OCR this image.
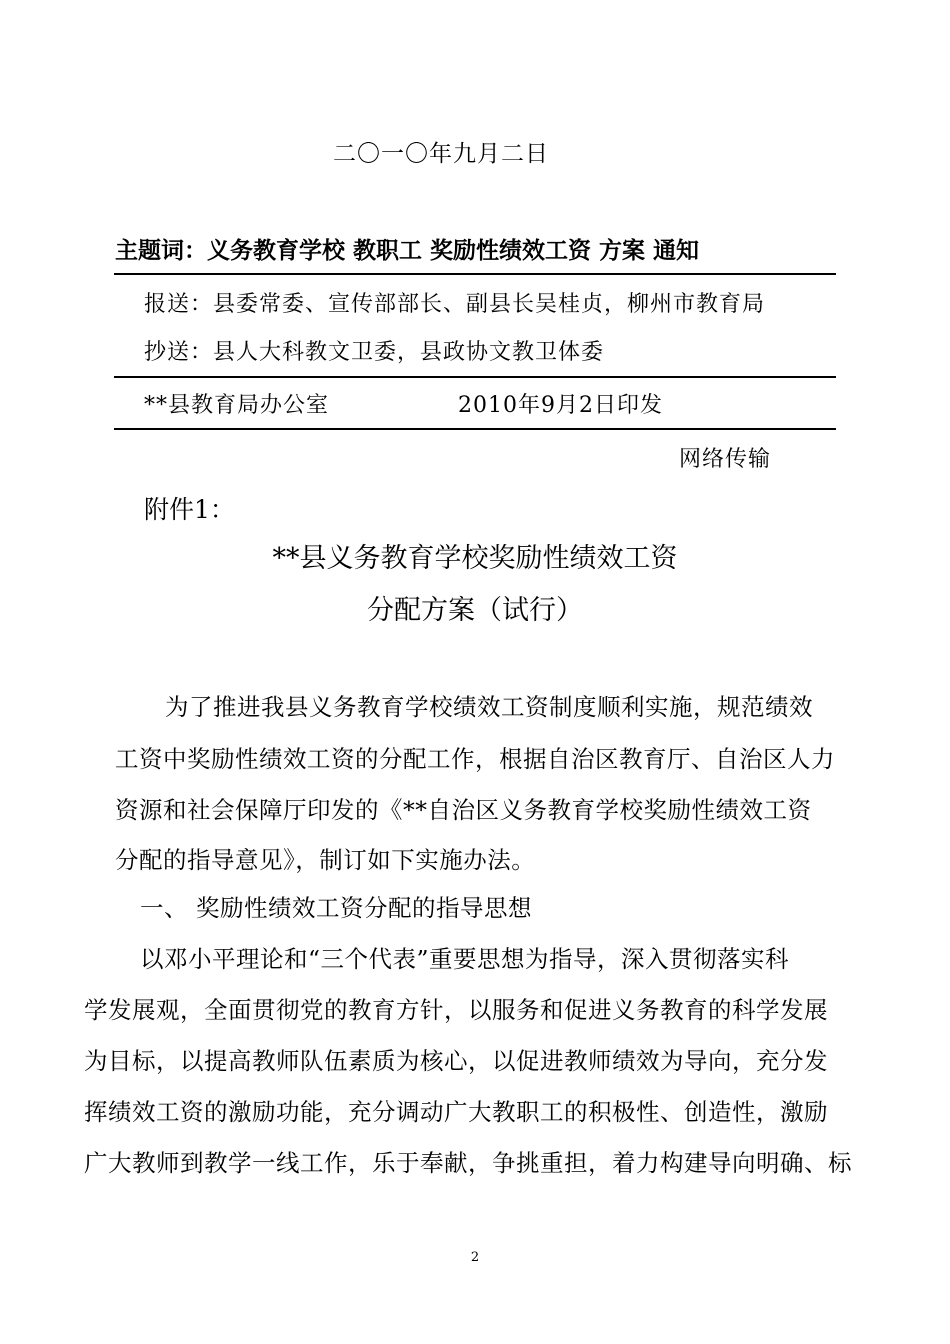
二〇一〇年九月二日
主题词：义务教育学校 教职工 奖励性绩效工资 方案 通知
报送：县委常委、宣传部部长、副县长吴桂贞，柳州市教育局
抄送：县人大科教文卫委，县政协文教卫体委
**县教育局办公室	2010年9月2日印发
网络传输
附件1：
**县义务教育学校奖励性绩效工资
分配方案（试行）
为了推进我县义务教育学校绩效工资制度顺利实施，规范绩效
工资中奖励性绩效工资的分配工作，根据自治区教育厅、自治区人力
资源和社会保障厅印发的《**自治区义务教育学校奖励性绩效工资
分配的指导意见》，制订如下实施办法。
一、 奖励性绩效工资分配的指导思想
以邓小平理论和“三个代表”重要思想为指导，深入贯彻落实科
学发展观，全面贯彻党的教育方针，以服务和促进义务教育的科学发展
为目标，以提高教师队伍素质为核心，以促进教师绩效为导向，充分发
挥绩效工资的激励功能，充分调动广大教职工的积极性、创造性，激励
广大教师到教学一线工作，乐于奉献，争挑重担，着力构建导向明确、标
2
